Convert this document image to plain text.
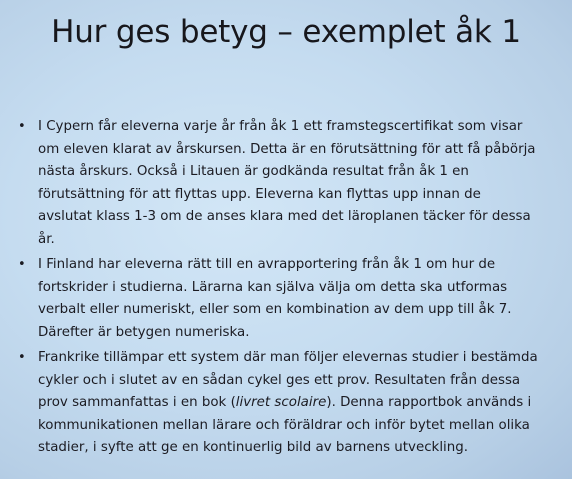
Hur ges betyg – exemplet åk 1
• I Cypern får eleverna varje år från åk 1 ett framstegscertifikat som visar om eleven klarat av årskursen. Detta är en förutsättning för att få påbörja nästa årskurs. Också i Litauen är godkända resultat från åk 1 en förutsättning för att flyttas upp. Eleverna kan flyttas upp innan de avslutat klass 1-3 om de anses klara med det läroplanen täcker för dessa år.
• I Finland har eleverna rätt till en avrapportering från åk 1 om hur de fortskrider i studierna. Lärarna kan själva välja om detta ska utformas verbalt eller numeriskt, eller som en kombination av dem upp till åk 7. Därefter är betygen numeriska.
• Frankrike tillämpar ett system där man följer elevernas studier i bestämda cykler och i slutet av en sådan cykel ges ett prov. Resultaten från dessa prov sammanfattas i en bok (livret scolaire). Denna rapportbok används i kommunikationen mellan lärare och föräldrar och inför bytet mellan olika stadier, i syfte att ge en kontinuerlig bild av barnens utveckling.
